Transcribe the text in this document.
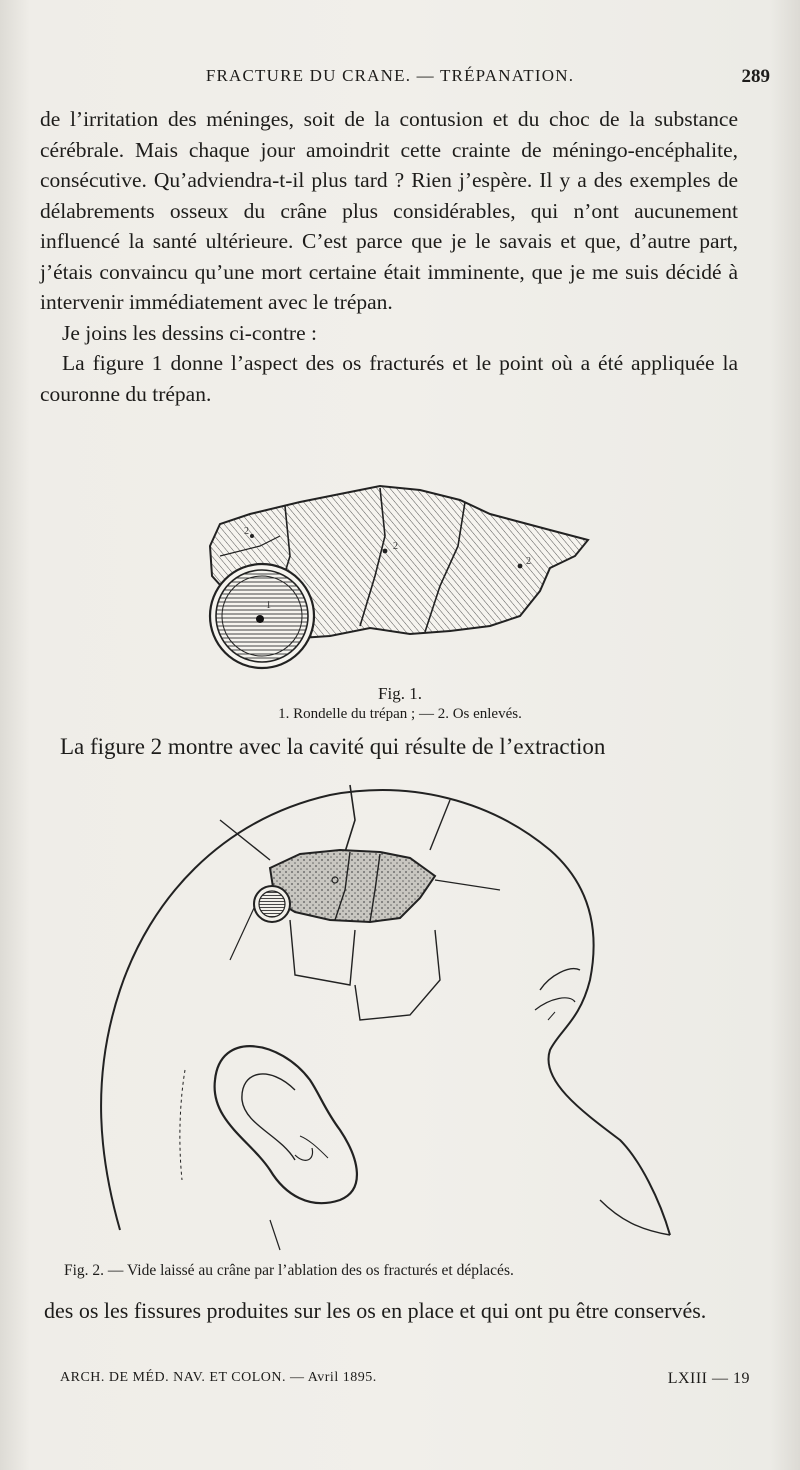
FRACTURE DU CRANE. — TRÉPANATION.	289

de l’irritation des méninges, soit de la contusion et du choc de la substance cérébrale. Mais chaque jour amoindrit cette crainte de méningo-encéphalite, consécutive. Qu’adviendra-t-il plus tard ? Rien j’espère. Il y a des exemples de délabrements osseux du crâne plus considérables, qui n’ont aucunement influencé la santé ultérieure. C’est parce que je le savais et que, d’autre part, j’étais convaincu qu’une mort certaine était imminente, que je me suis décidé à intervenir immédiatement avec le trépan.

Je joins les dessins ci-contre :

La figure 1 donne l’aspect des os fracturés et le point où a été appliquée la couronne du trépan.

2
2
2
1
Fig. 1.
1. Rondelle du trépan ; — 2. Os enlevés.
La figure 2 montre avec la cavité qui résulte de l’extraction
Fig. 2. — Vide laissé au crâne par l’ablation des os fracturés et déplacés.

des os les fissures produites sur les os en place et qui ont pu être conservés.

ARCH. DE MÉD. NAV. ET COLON. — Avril 1895.	LXIII — 19
